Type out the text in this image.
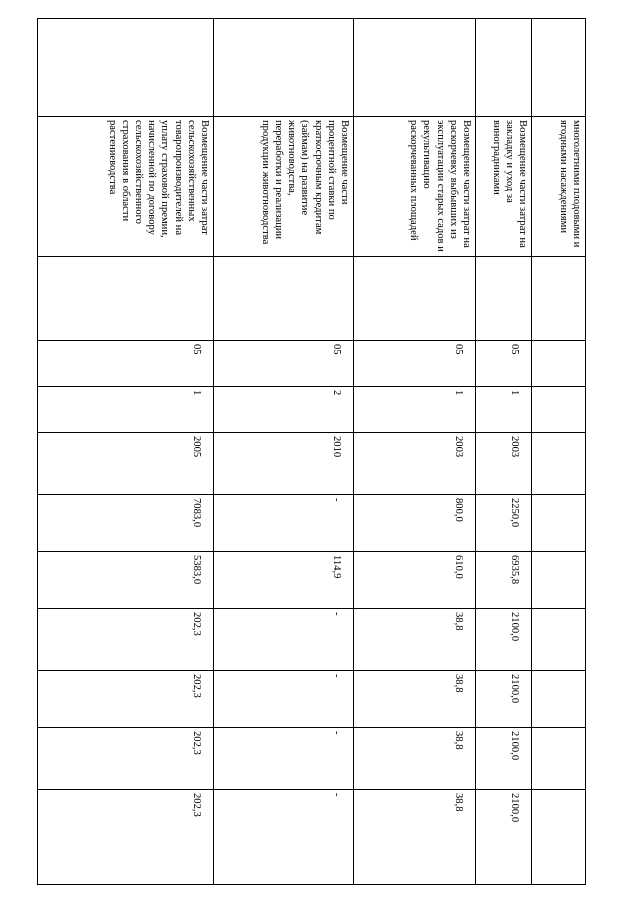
	многолетними плодовыми и ягодными насаждениями										
	Возмещение части затрат на закладку и уход за виноградниками		05	1	2003	2250,0	6935,8	2100,0	2100,0	2100,0	2100,0
	Возмещение части затрат на раскорчевку выбывших из эксплуатации старых садов и рекультивацию раскорчеванных площадей		05	1	2003	800,0	610,0	38,8	38,8	38,8	38,8
	Возмещение части процентной ставки по краткосрочным кредитам (займам) на развитие животноводства, переработки и реализации продукции животноводства		05	2	2010	-	114,9	-	-	-	-
	Возмещение части затрат сельскохозяйственных товаропроизводителей на уплату страховой премии, начисленной по договору сельскохозяйственного страхования в области растениеводства		05	1	2005	7083,0	5383,0	202,3	202,3	202,3	202,3
